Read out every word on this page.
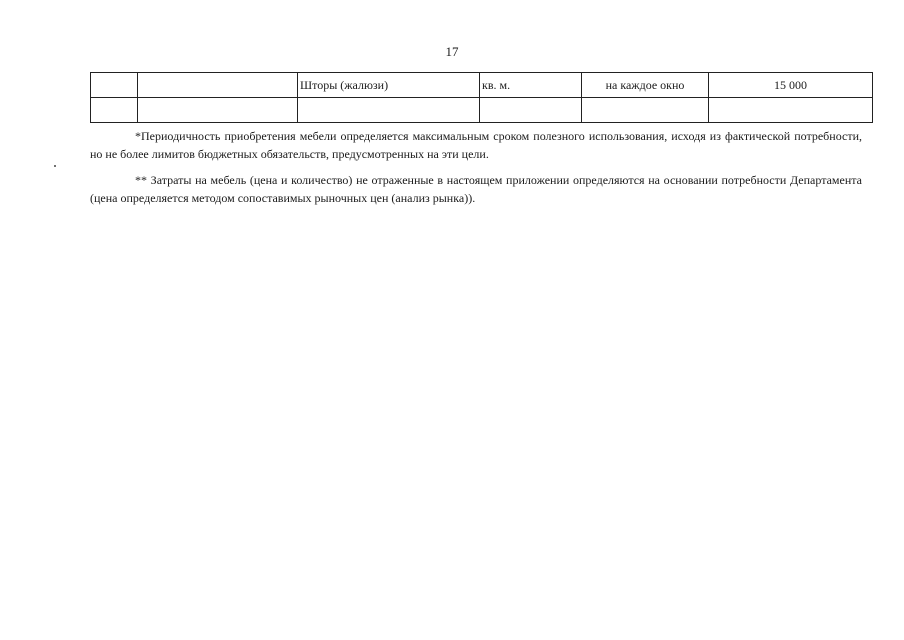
17
		Шторы (жалюзи)	кв. м.	на каждое окно	15 000

*Периодичность приобретения мебели определяется максимальным сроком полезного использования, исходя из фактической потребности, но не более лимитов бюджетных обязательств, предусмотренных на эти цели.

** Затраты на мебель (цена и количество) не отраженные в настоящем приложении определяются на основании потребности Департамента (цена определяется методом сопоставимых рыночных цен (анализ рынка)).
